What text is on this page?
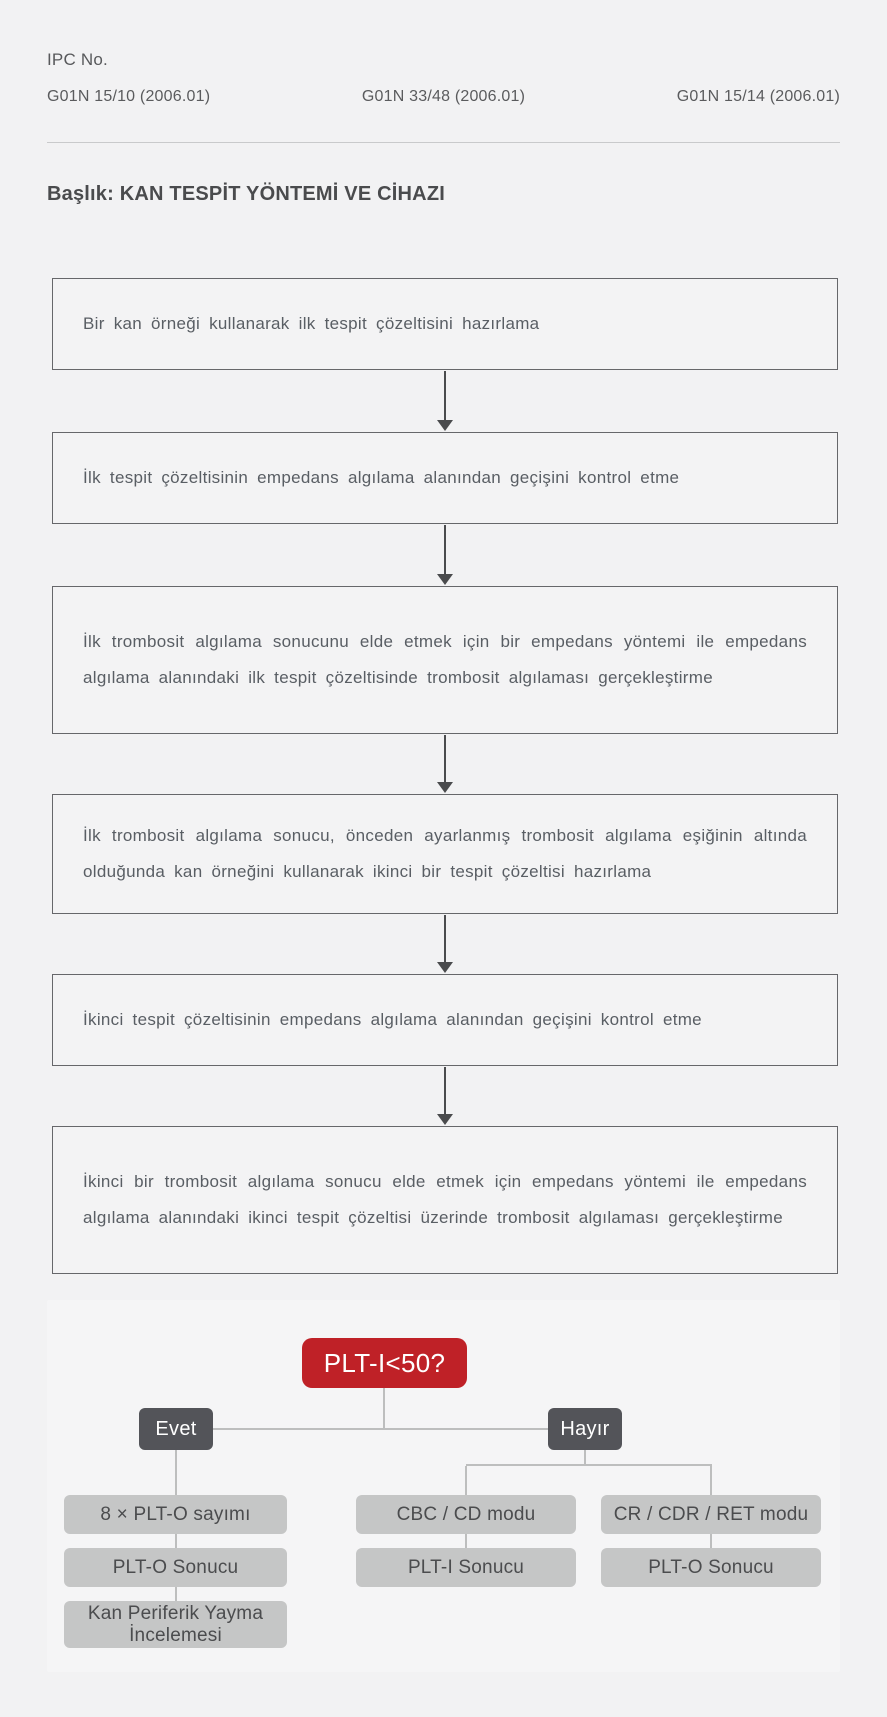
IPC No.
G01N 15/10 (2006.01)	G01N 33/48 (2006.01)	G01N 15/14 (2006.01)
Başlık: KAN TESPİT YÖNTEMİ VE CİHAZI

Bir kan örneği kullanarak ilk tespit çözeltisini hazırlama

İlk tespit çözeltisinin empedans algılama alanından geçişini kontrol etme

İlk trombosit algılama sonucunu elde etmek için bir empedans yöntemi ile empedans algılama alanındaki ilk tespit çözeltisinde trombosit algılaması gerçekleştirme

İlk trombosit algılama sonucu, önceden ayarlanmış trombosit algılama eşiğinin altında olduğunda kan örneğini kullanarak ikinci bir tespit çözeltisi hazırlama

İkinci tespit çözeltisinin empedans algılama alanından geçişini kontrol etme

İkinci bir trombosit algılama sonucu elde etmek için empedans yöntemi ile empedans algılama alanındaki ikinci tespit çözeltisi üzerinde trombosit algılaması gerçekleştirme

PLT-I<50?
Evet	Hayır
8 × PLT-O sayımı
PLT-O Sonucu
Kan Periferik Yayma İncelemesi
CBC / CD modu
PLT-I Sonucu
CR / CDR / RET modu
PLT-O Sonucu
